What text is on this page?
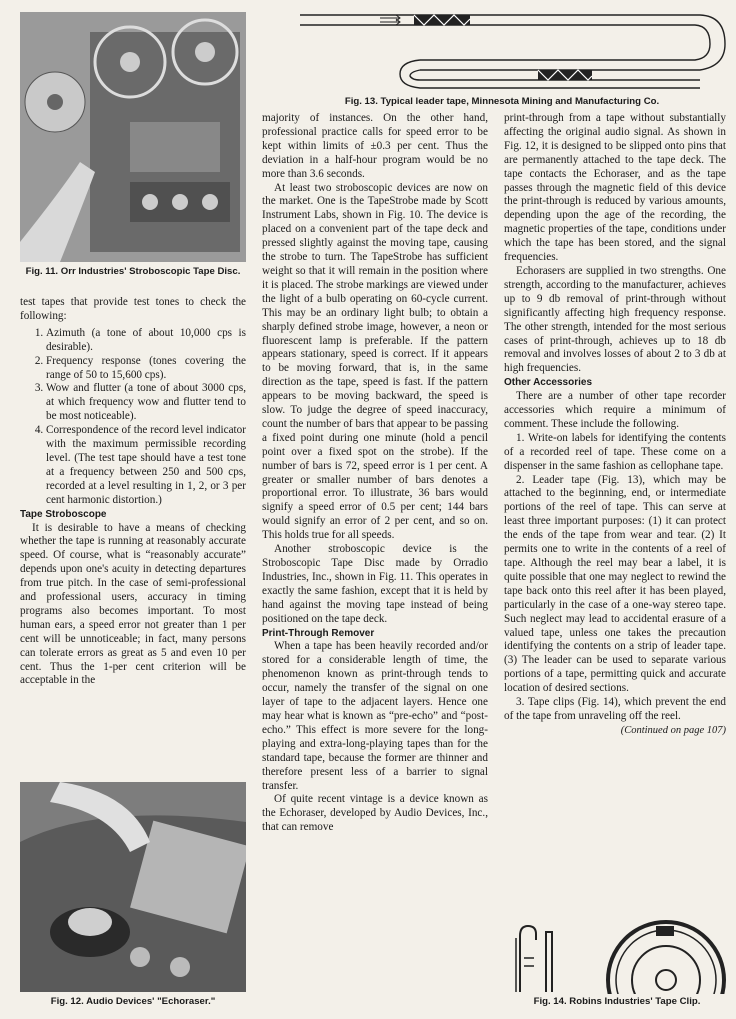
Fig. 11. Orr Industries' Stroboscopic Tape Disc.
Fig. 13. Typical leader tape, Minnesota Mining and Manufacturing Co.

test tapes that provide test tones to check the following:

1. Azimuth (a tone of about 10,000 cps is desirable).
2. Frequency response (tones covering the range of 50 to 15,600 cps).
3. Wow and flutter (a tone of about 3000 cps, at which frequency wow and flutter tend to be most noticeable).
4. Correspondence of the record level indicator with the maximum permissible recording level. (The test tape should have a test tone at a frequency between 250 and 500 cps, recorded at a level resulting in 1, 2, or 3 per cent harmonic distortion.)

Tape Stroboscope

It is desirable to have a means of checking whether the tape is running at reasonably accurate speed. Of course, what is “reasonably accurate” depends upon one's acuity in detecting departures from true pitch. In the case of semi-professional and professional users, accuracy in timing programs also becomes important. To most human ears, a speed error not greater than 1 per cent will be unnoticeable; in fact, many persons can tolerate errors as great as 5 and even 10 per cent. Thus the 1-per cent criterion will be acceptable in the

Fig. 12. Audio Devices' "Echoraser."

majority of instances. On the other hand, professional practice calls for speed error to be kept within limits of ±0.3 per cent. Thus the deviation in a half-hour program would be no more than 3.6 seconds.

At least two stroboscopic devices are now on the market. One is the TapeStrobe made by Scott Instrument Labs, shown in Fig. 10. The device is placed on a convenient part of the tape deck and pressed slightly against the moving tape, causing the strobe to turn. The TapeStrobe has sufficient weight so that it will remain in the position where it is placed. The strobe markings are viewed under the light of a bulb operating on 60-cycle current. This may be an ordinary light bulb; to obtain a sharply defined strobe image, however, a neon or fluorescent lamp is preferable. If the pattern appears stationary, speed is correct. If it appears to be moving forward, that is, in the same direction as the tape, speed is fast. If the pattern appears to be moving backward, the speed is slow. To judge the degree of speed inaccuracy, count the number of bars that appear to be passing a fixed point during one minute (hold a pencil point over a fixed spot on the strobe). If the number of bars is 72, speed error is 1 per cent. A greater or smaller number of bars denotes a proportional error. To illustrate, 36 bars would signify a speed error of 0.5 per cent; 144 bars would signify an error of 2 per cent, and so on. This holds true for all speeds.

Another stroboscopic device is the Stroboscopic Tape Disc made by Orradio Industries, Inc., shown in Fig. 11. This operates in exactly the same fashion, except that it is held by hand against the moving tape instead of being positioned on the tape deck.

Print-Through Remover

When a tape has been heavily recorded and/or stored for a considerable length of time, the phenomenon known as print-through tends to occur, namely the transfer of the signal on one layer of tape to the adjacent layers. Hence one may hear what is known as “pre-echo” and “post-echo.” This effect is more severe for the long-playing and extra-long-playing tapes than for the standard tape, because the former are thinner and therefore present less of a barrier to signal transfer.

Of quite recent vintage is a device known as the Echoraser, developed by Audio Devices, Inc., that can remove

print-through from a tape without substantially affecting the original audio signal. As shown in Fig. 12, it is designed to be slipped onto pins that are permanently attached to the tape deck. The tape contacts the Echoraser, and as the tape passes through the magnetic field of this device the print-through is reduced by various amounts, depending upon the age of the recording, the magnetic properties of the tape, conditions under which the tape has been stored, and the signal frequencies.

Echorasers are supplied in two strengths. One strength, according to the manufacturer, achieves up to 9 db removal of print-through without significantly affecting high frequency response. The other strength, intended for the most serious cases of print-through, achieves up to 18 db removal and involves losses of about 2 to 3 db at high frequencies.

Other Accessories

There are a number of other tape recorder accessories which require a minimum of comment. These include the following.

1. Write-on labels for identifying the contents of a recorded reel of tape. These come on a dispenser in the same fashion as cellophane tape.

2. Leader tape (Fig. 13), which may be attached to the beginning, end, or intermediate portions of the reel of tape. This can serve at least three important purposes: (1) it can protect the ends of the tape from wear and tear. (2) It permits one to write in the contents of a reel of tape. Although the reel may bear a label, it is quite possible that one may neglect to rewind the tape back onto this reel after it has been played, particularly in the case of a one-way stereo tape. Such neglect may lead to accidental erasure of a valued tape, unless one takes the precaution identifying the contents on a strip of leader tape. (3) The leader can be used to separate various portions of a tape, permitting quick and accurate location of desired sections.

3. Tape clips (Fig. 14), which prevent the end of the tape from unraveling off the reel.

(Continued on page 107)
Fig. 14. Robins Industries' Tape Clip.
